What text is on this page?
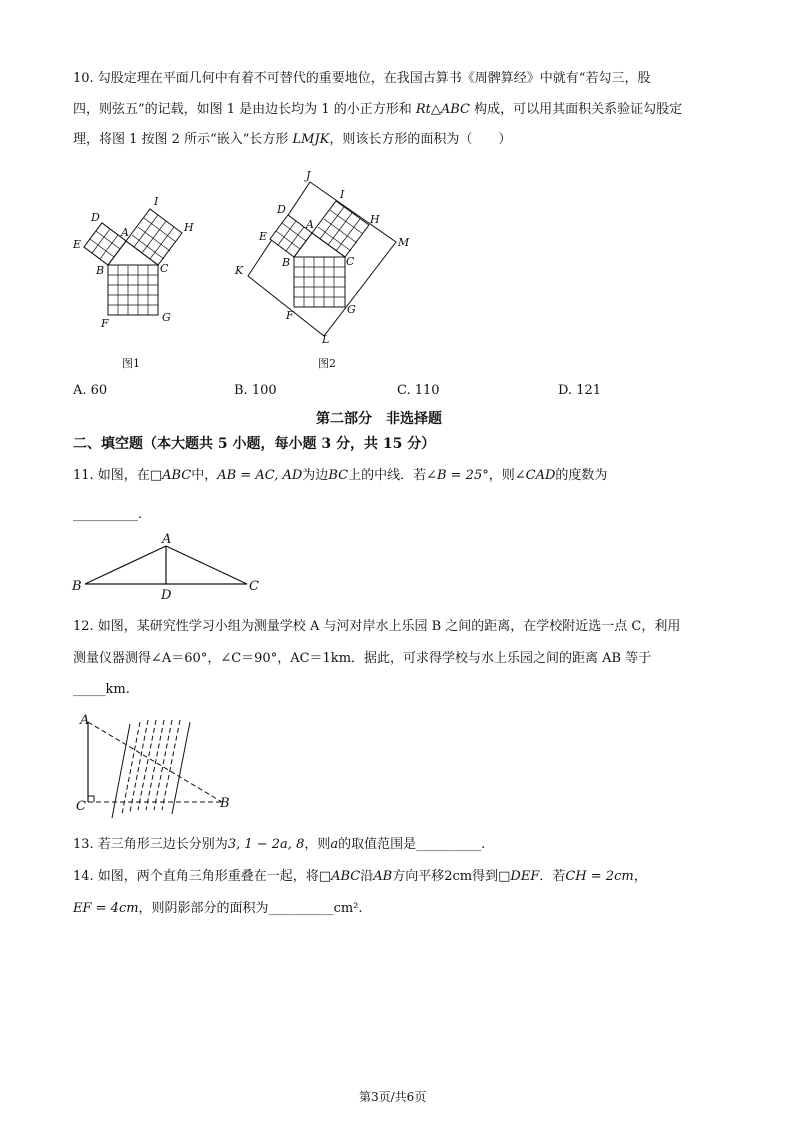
10. 勾股定理在平面几何中有着不可替代的重要地位，在我国古算书《周髀算经》中就有“若勾三，股
四，则弦五”的记载，如图 1 是由边长均为 1 的小正方形和 Rt△ABC 构成，可以用其面积关系验证勾股定
理，将图 1 按图 2 所示“嵌入”长方形 LMJK，则该长方形的面积为（　　）
D
I
A	H
E
B	C
F	G
图1
J
I
D
A	H
E	M
B	C
K
F	G
L
图2
A. 60	B. 100	C. 110	D. 121
第二部分　非选择题
二、填空题（本大题共 5 小题，每小题 3 分，共 15 分）
11. 如图，在□ABC中，AB = AC, AD为边BC上的中线．若∠B = 25°，则∠CAD的度数为
__________.
A
B	C
D
12. 如图，某研究性学习小组为测量学校 A 与河对岸水上乐园 B 之间的距离，在学校附近选一点 C，利用
测量仪器测得∠A＝60°，∠C＝90°，AC＝1km．据此，可求得学校与水上乐园之间的距离 AB 等于
_____km.
A
C	B
13. 若三角形三边长分别为3, 1 − 2a, 8，则a的取值范围是__________.
14. 如图，两个直角三角形重叠在一起，将□ABC沿AB方向平移2cm得到□DEF．若CH = 2cm，
EF = 4cm，则阴影部分的面积为__________cm².
第3页/共6页
